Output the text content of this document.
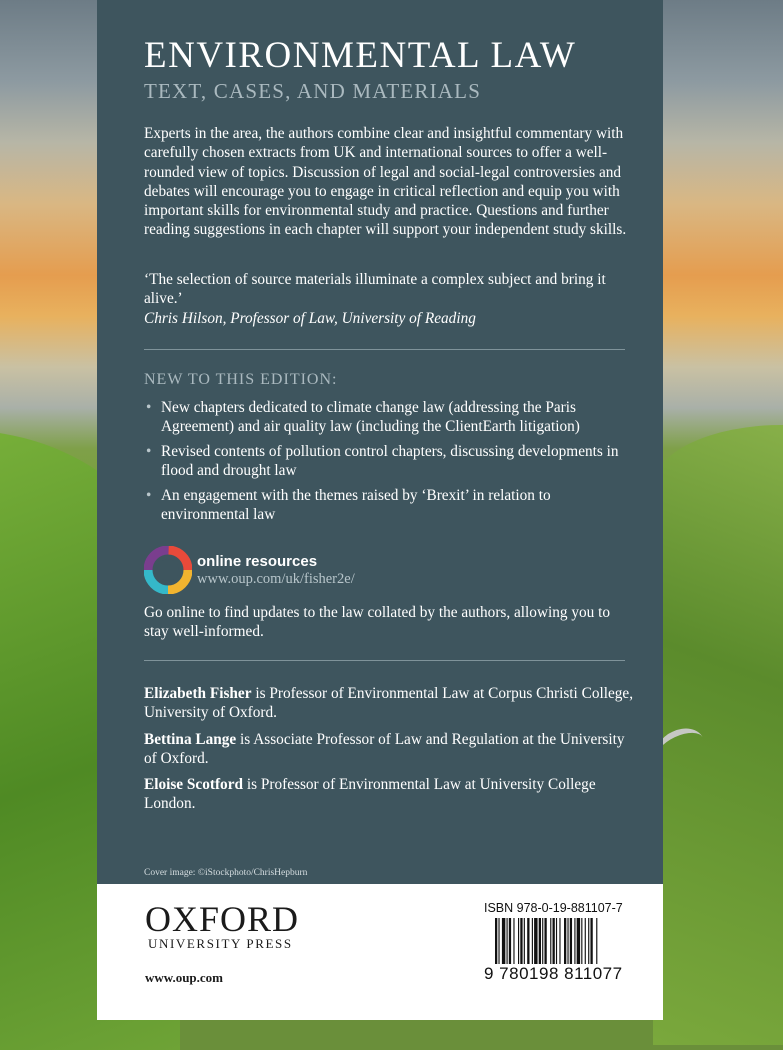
ENVIRONMENTAL LAW
TEXT, CASES, AND MATERIALS

Experts in the area, the authors combine clear and insightful commentary with carefully chosen extracts from UK and international sources to offer a well-rounded view of topics. Discussion of legal and social-legal controversies and debates will encourage you to engage in critical reflection and equip you with important skills for environmental study and practice. Questions and further reading suggestions in each chapter will support your independent study skills.

‘The selection of source materials illuminate a complex subject and bring it alive.’

Chris Hilson, Professor of Law, University of Reading

NEW TO THIS EDITION:
• New chapters dedicated to climate change law (addressing the Paris Agreement) and air quality law (including the ClientEarth litigation)
• Revised contents of pollution control chapters, discussing developments in flood and drought law
• An engagement with the themes raised by ‘Brexit’ in relation to environmental law
online resources
www.oup.com/uk/fisher2e/

Go online to find updates to the law collated by the authors, allowing you to stay well-informed.

Elizabeth Fisher is Professor of Environmental Law at Corpus Christi College, University of Oxford.

Bettina Lange is Associate Professor of Law and Regulation at the University of Oxford.

Eloise Scotford is Professor of Environmental Law at University College London.

Cover image: ©iStockphoto/ChrisHepburn
OXFORD
UNIVERSITY PRESS
www.oup.com
ISBN 978-0-19-881107-7
9 780198 811077
